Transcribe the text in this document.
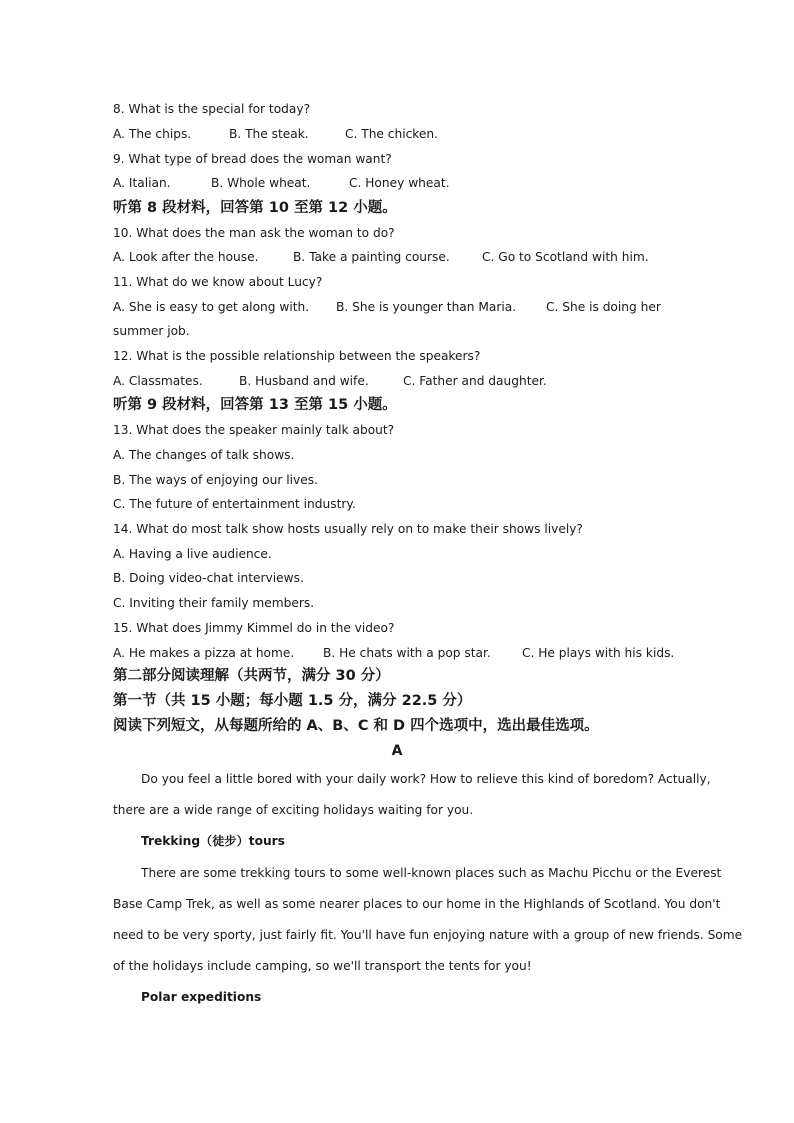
8. What is the special for today?
A. The chips.	B. The steak.	C. The chicken.
9. What type of bread does the woman want?
A. Italian.	B. Whole wheat.	C. Honey wheat.
听第 8 段材料，回答第 10 至第 12 小题。
10. What does the man ask the woman to do?
A. Look after the house.	B. Take a painting course.	C. Go to Scotland with him.
11. What do we know about Lucy?
A. She is easy to get along with. B. She is younger than Maria. C. She is doing her
summer job.
12. What is the possible relationship between the speakers?
A. Classmates.	B. Husband and wife.	C. Father and daughter.
听第 9 段材料，回答第 13 至第 15 小题。
13. What does the speaker mainly talk about?
A. The changes of talk shows.
B. The ways of enjoying our lives.
C. The future of entertainment industry.
14. What do most talk show hosts usually rely on to make their shows lively?
A. Having a live audience.
B. Doing video-chat interviews.
C. Inviting their family members.
15. What does Jimmy Kimmel do in the video?
A. He makes a pizza at home. B. He chats with a pop star.	C. He plays with his kids.
第二部分阅读理解（共两节，满分 30 分）
第一节（共 15 小题；每小题 1.5 分，满分 22.5 分）
阅读下列短文，从每题所给的 A、B、C 和 D 四个选项中，选出最佳选项。
A
Do you feel a little bored with your daily work? How to relieve this kind of boredom? Actually,
there are a wide range of exciting holidays waiting for you.
Trekking（徒步）tours
There are some trekking tours to some well-known places such as Machu Picchu or the Everest
Base Camp Trek, as well as some nearer places to our home in the Highlands of Scotland. You don't
need to be very sporty, just fairly fit. You'll have fun enjoying nature with a group of new friends. Some
of the holidays include camping, so we'll transport the tents for you!
Polar expeditions
